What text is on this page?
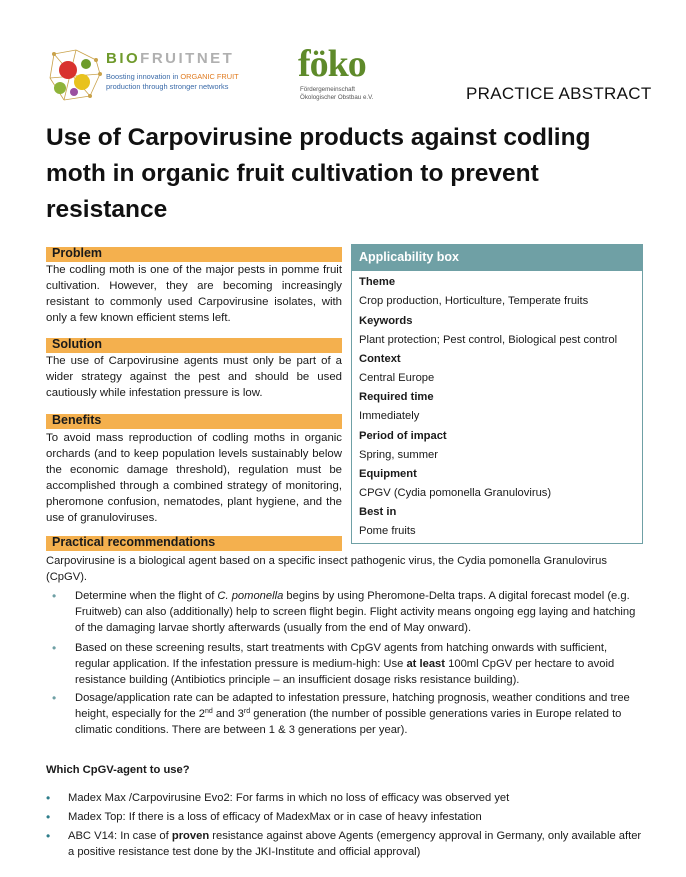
BIOFRUITNET
Boosting innovation in ORGANIC FRUIT
production through stronger networks
föko
Fördergemeinschaft
Ökologischer Obstbau e.V.	PRACTICE ABSTRACT
Use of Carpovirusine products against codling moth in organic fruit cultivation to prevent resistance
Problem
The codling moth is one of the major pests in pomme fruit cultivation. However, they are becoming increasingly resistant to commonly used Carpovirusine isolates, with only a few known efficient stems left.
Solution
The use of Carpovirusine agents must only be part of a wider strategy against the pest and should be used cautiously while infestation pressure is low.
Benefits
To avoid mass reproduction of codling moths in organic orchards (and to keep population levels sustainably below the economic damage threshold), regulation must be accomplished through a combined strategy of monitoring, pheromone confusion, nematodes, plant hygiene, and the use of granuloviruses.
Applicability box
Theme
Crop production, Horticulture, Temperate fruits
Keywords
Plant protection; Pest control, Biological pest control
Context
Central Europe
Required time
Immediately
Period of impact
Spring, summer
Equipment
CPGV (Cydia pomonella Granulovirus)
Best in
Pome fruits
Practical recommendations
Carpovirusine is a biological agent based on a specific insect pathogenic virus, the Cydia pomonella Granulovirus (CpGV).
• Determine when the flight of C. pomonella begins by using Pheromone-Delta traps. A digital forecast model (e.g. Fruitweb) can also (additionally) help to screen flight begin. Flight activity means ongoing egg laying and hatching of the damaging larvae shortly afterwards (usually from the end of May onward).
• Based on these screening results, start treatments with CpGV agents from hatching onwards with sufficient, regular application. If the infestation pressure is medium-high: Use at least 100ml CpGV per hectare to avoid resistance building (Antibiotics principle – an insufficient dosage risks resistance building).
• Dosage/application rate can be adapted to infestation pressure, hatching prognosis, weather conditions and tree height, especially for the 2nd and 3rd generation (the number of possible generations varies in Europe related to climatic conditions. There are between 1 & 3 generations per year).
Which CpGV-agent to use?
• Madex Max /Carpovirusine Evo2: For farms in which no loss of efficacy was observed yet
• Madex Top: If there is a loss of efficacy of MadexMax or in case of heavy infestation
• ABC V14: In case of proven resistance against above Agents (emergency approval in Germany, only available after a positive resistance test done by the JKI-Institute and official approval)
